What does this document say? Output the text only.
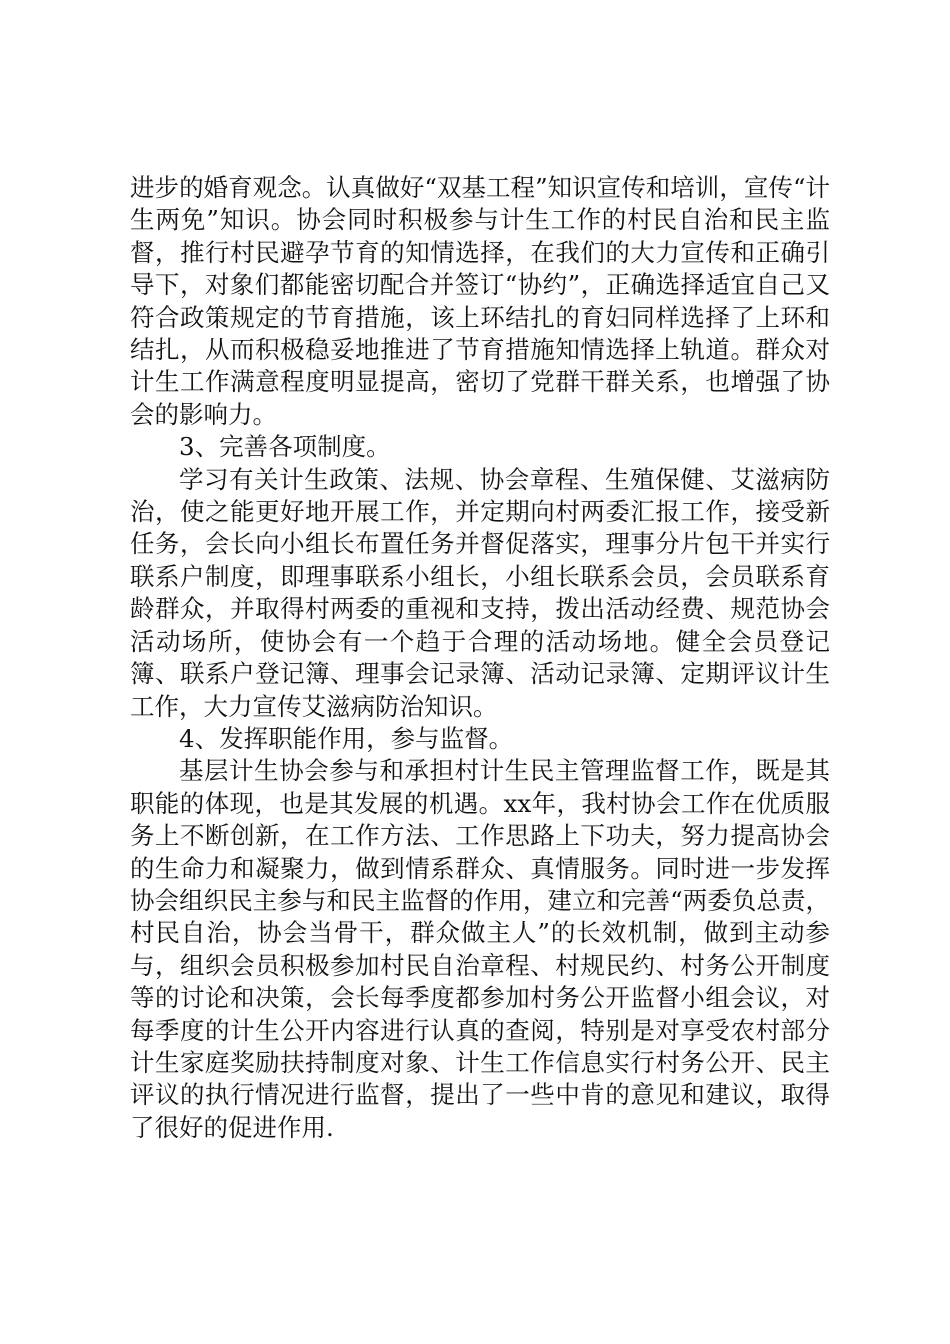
进步的婚育观念。认真做好“双基工程”知识宣传和培训，宣传“计生两免”知识。协会同时积极参与计生工作的村民自治和民主监督，推行村民避孕节育的知情选择，在我们的大力宣传和正确引导下，对象们都能密切配合并签订“协约”，正确选择适宜自己又符合政策规定的节育措施，该上环结扎的育妇同样选择了上环和结扎，从而积极稳妥地推进了节育措施知情选择上轨道。群众对计生工作满意程度明显提高，密切了党群干群关系，也增强了协会的影响力。

3、完善各项制度。

学习有关计生政策、法规、协会章程、生殖保健、艾滋病防治，使之能更好地开展工作，并定期向村两委汇报工作，接受新任务，会长向小组长布置任务并督促落实，理事分片包干并实行联系户制度，即理事联系小组长，小组长联系会员，会员联系育龄群众，并取得村两委的重视和支持，拨出活动经费、规范协会活动场所，使协会有一个趋于合理的活动场地。健全会员登记簿、联系户登记簿、理事会记录簿、活动记录簿、定期评议计生工作，大力宣传艾滋病防治知识。

4、发挥职能作用，参与监督。

基层计生协会参与和承担村计生民主管理监督工作，既是其职能的体现，也是其发展的机遇。xx年，我村协会工作在优质服务上不断创新，在工作方法、工作思路上下功夫，努力提高协会的生命力和凝聚力，做到情系群众、真情服务。同时进一步发挥协会组织民主参与和民主监督的作用，建立和完善“两委负总责，村民自治，协会当骨干，群众做主人”的长效机制，做到主动参与，组织会员积极参加村民自治章程、村规民约、村务公开制度等的讨论和决策，会长每季度都参加村务公开监督小组会议，对每季度的计生公开内容进行认真的查阅，特别是对享受农村部分计生家庭奖励扶持制度对象、计生工作信息实行村务公开、民主评议的执行情况进行监督，提出了一些中肯的意见和建议，取得了很好的促进作用.
